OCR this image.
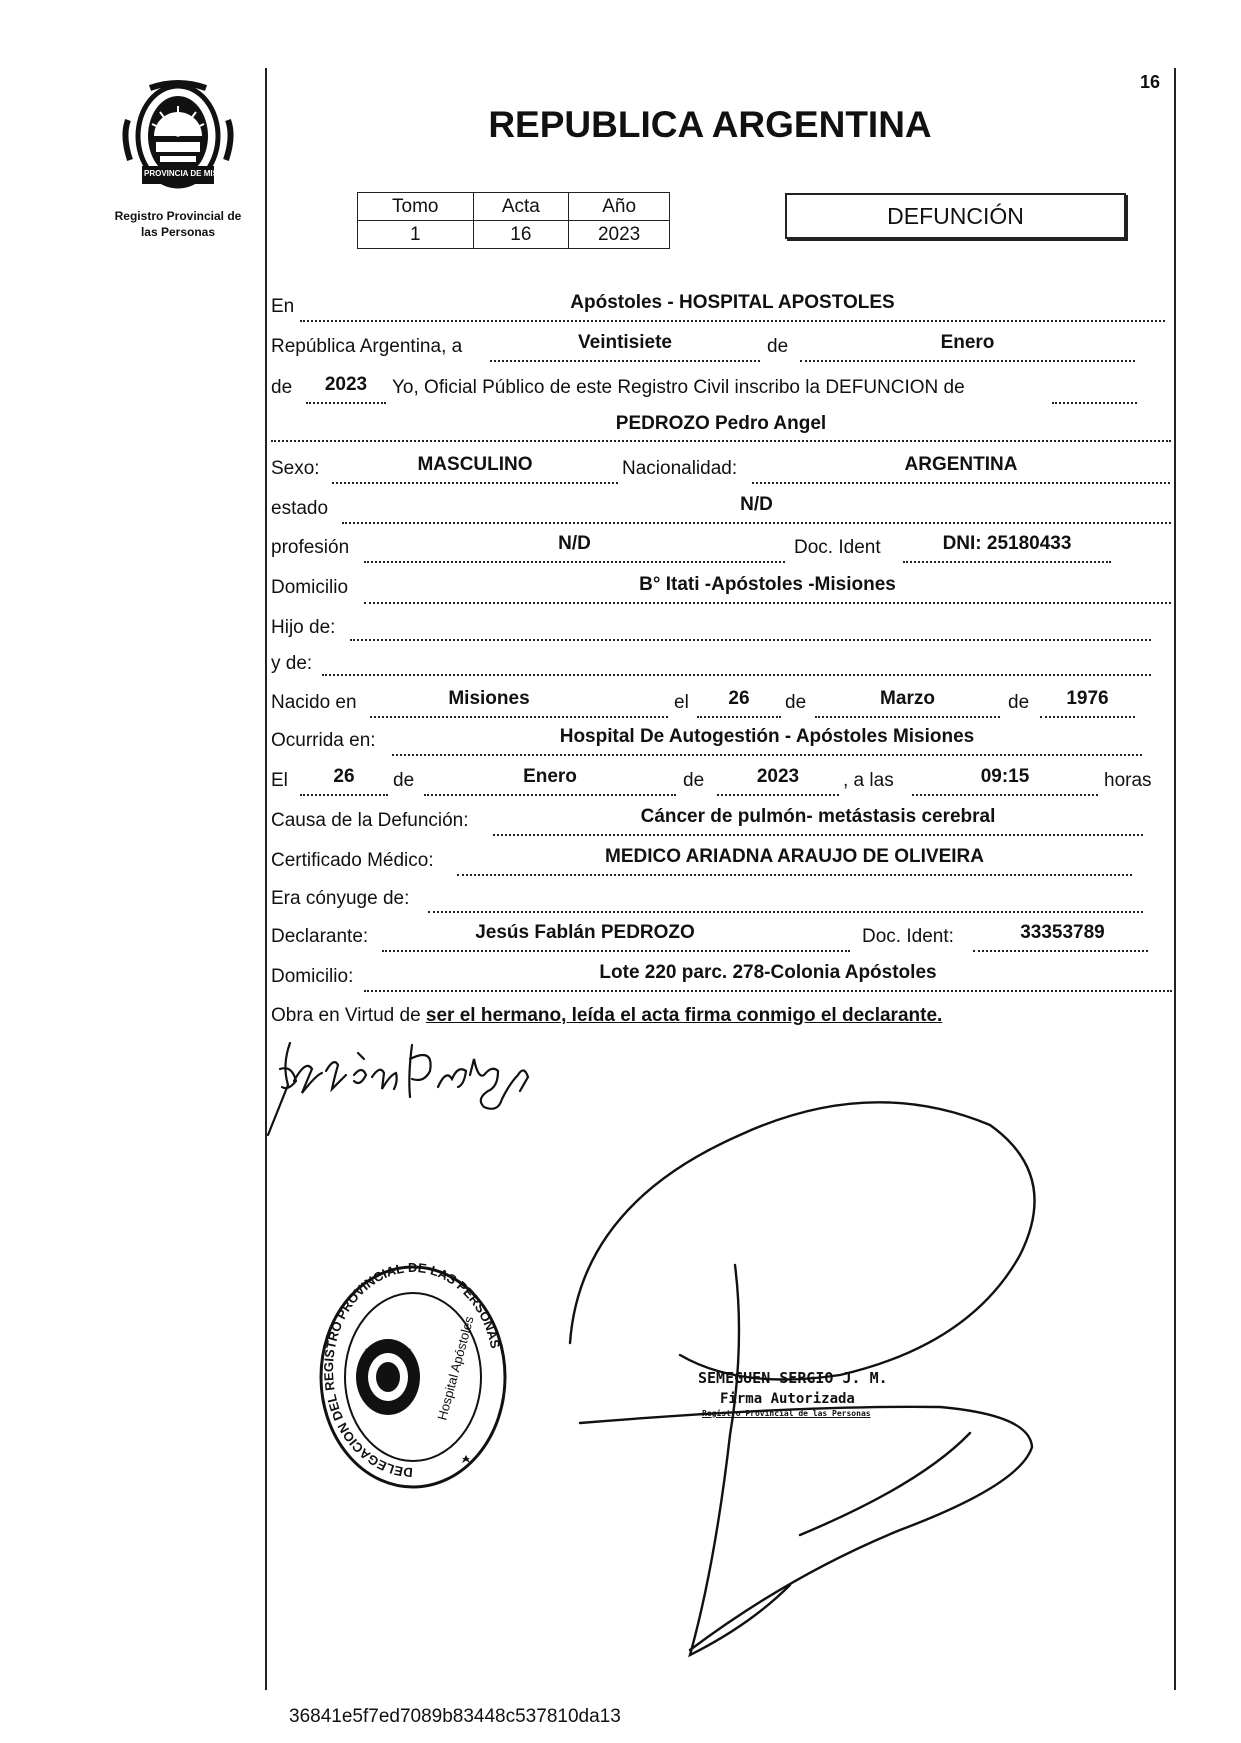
PROVINCIA DE MISIONES
Registro Provincial de
las Personas
16
REPUBLICA ARGENTINA
Tomo	Acta	Año
1	16	2023
DEFUNCIÓN
En	Apóstoles - HOSPITAL APOSTOLES
República Argentina, a	Veintisiete	de	Enero
de	2023	Yo, Oficial Público de este Registro Civil inscribo la DEFUNCION de
PEDROZO Pedro Angel
Sexo:	MASCULINO	Nacionalidad:	ARGENTINA
estado	N/D
profesión	N/D	Doc. Ident	DNI: 25180433
Domicilio	B° Itati -Apóstoles -Misiones
Hijo de:
y de:
Nacido en	Misiones	el	26	de	Marzo	de	1976
Ocurrida en:	Hospital De Autogestión - Apóstoles Misiones
El	26	de	Enero	de	2023	, a las	09:15	horas
Causa de la Defunción:	Cáncer de pulmón- metástasis cerebral
Certificado Médico:	MEDICO ARIADNA ARAUJO DE OLIVEIRA
Era cónyuge de:
Declarante:	Jesús Fablán PEDROZO	Doc. Ident:	33353789
Domicilio:	Lote 220 parc. 278-Colonia Apóstoles
Obra en Virtud de ser el hermano, leída el acta firma conmigo el declarante.
DELEGACION DEL REGISTRO PROVINCIAL DE LAS PERSONAS
Hospital Apóstoles	SEMEGUEN SERGIO J. M.
Firma Autorizada
Registro Provincial de las Personas
36841e5f7ed7089b83448c537810da13
